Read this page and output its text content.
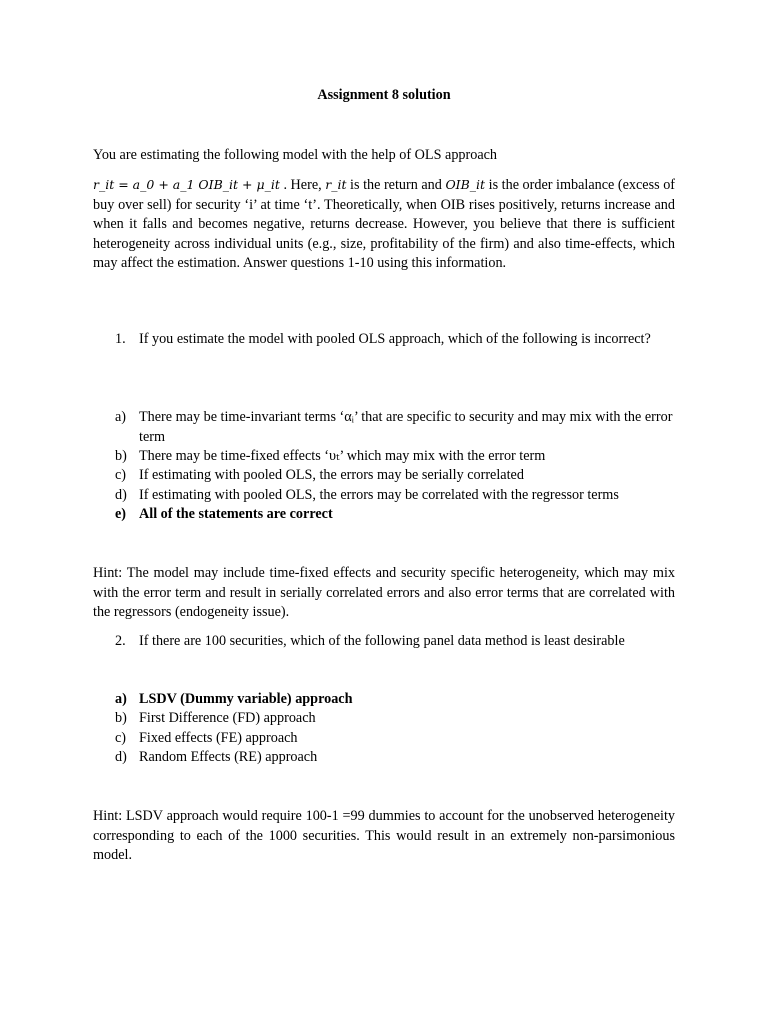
Assignment 8 solution
You are estimating the following model with the help of OLS approach
r_it = a_0 + a_1 OIB_it + μ_it . Here, r_it is the return and OIB_it is the order imbalance (excess of buy over sell) for security ‘i’ at time ‘t’. Theoretically, when OIB rises positively, returns increase and when it falls and becomes negative, returns decrease. However, you believe that there is sufficient heterogeneity across individual units (e.g., size, profitability of the firm) and also time-effects, which may affect the estimation. Answer questions 1-10 using this information.
1. If you estimate the model with pooled OLS approach, which of the following is incorrect?
a) There may be time-invariant terms ‘αᵢ’ that are specific to security and may mix with the error term
b) There may be time-fixed effects ‘υₜ’ which may mix with the error term
c) If estimating with pooled OLS, the errors may be serially correlated
d) If estimating with pooled OLS, the errors may be correlated with the regressor terms
e) All of the statements are correct
Hint: The model may include time-fixed effects and security specific heterogeneity, which may mix with the error term and result in serially correlated errors and also error terms that are correlated with the regressors (endogeneity issue).
2. If there are 100 securities, which of the following panel data method is least desirable
a) LSDV (Dummy variable) approach
b) First Difference (FD) approach
c) Fixed effects (FE) approach
d) Random Effects (RE) approach
Hint: LSDV approach would require 100-1 =99 dummies to account for the unobserved heterogeneity corresponding to each of the 1000 securities. This would result in an extremely non-parsimonious model.
